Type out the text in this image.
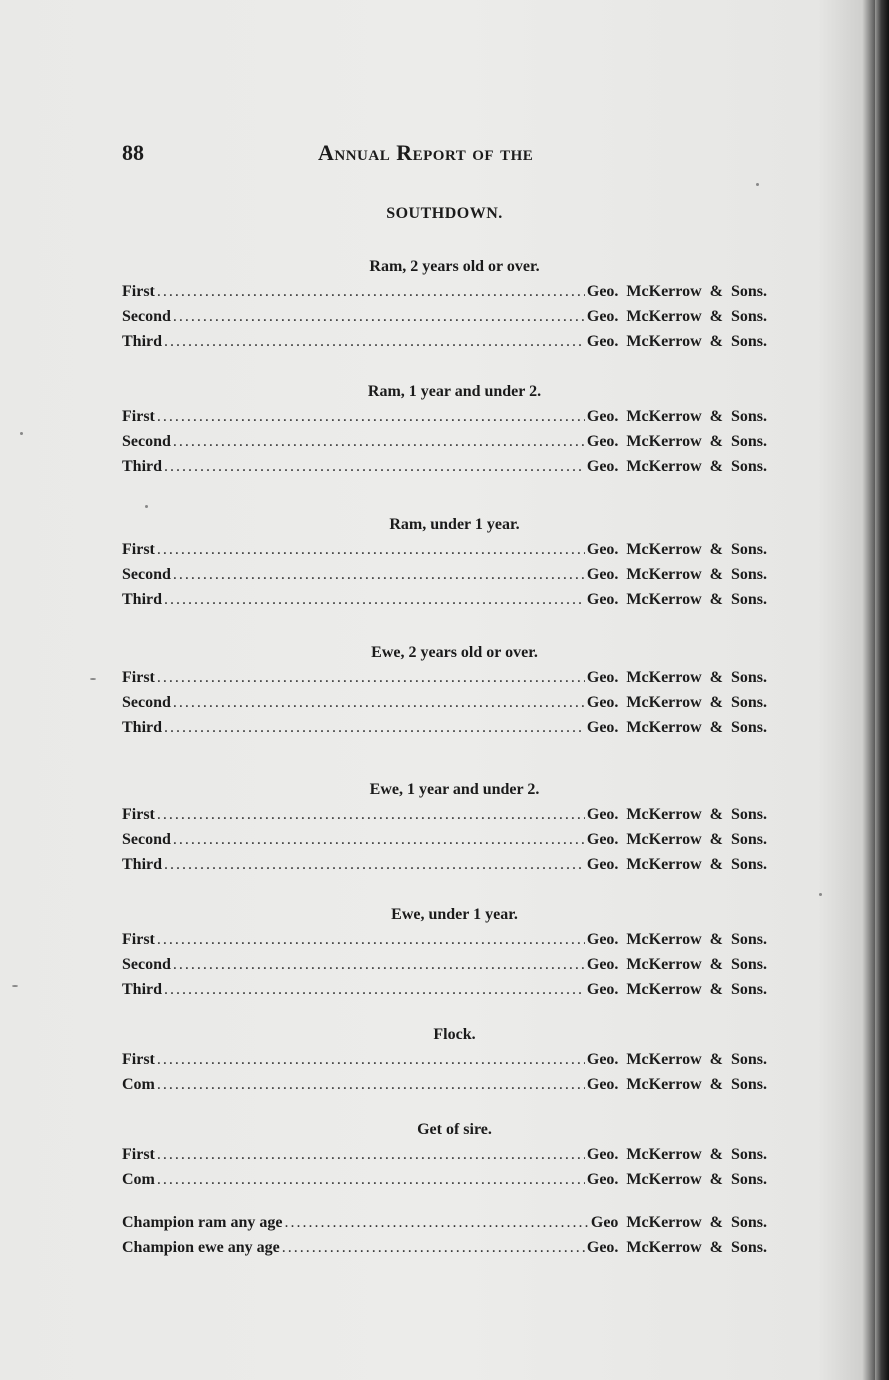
88	Annual Report of the
SOUTHDOWN.
Ram, 2 years old or over.
First .....	Geo. McKerrow & Sons.
Second .....	Geo. McKerrow & Sons.
Third .....	Geo. McKerrow & Sons.
Ram, 1 year and under 2.
First .....	Geo. McKerrow & Sons.
Second .....	Geo. McKerrow & Sons.
Third .....	Geo. McKerrow & Sons.
Ram, under 1 year.
First .....	Geo. McKerrow & Sons.
Second .....	Geo. McKerrow & Sons.
Third .....	Geo. McKerrow & Sons.
Ewe, 2 years old or over.
First .....	Geo. McKerrow & Sons.
Second .....	Geo. McKerrow & Sons.
Third .....	Geo. McKerrow & Sons.
Ewe, 1 year and under 2.
First .....	Geo. McKerrow & Sons.
Second .....	Geo. McKerrow & Sons.
Third .....	Geo. McKerrow & Sons.
Ewe, under 1 year.
First .....	Geo. McKerrow & Sons.
Second .....	Geo. McKerrow & Sons.
Third .....	Geo. McKerrow & Sons.
Flock.
First .....	Geo. McKerrow & Sons.
Com .....	Geo. McKerrow & Sons.
Get of sire.
First .....	Geo. McKerrow & Sons.
Com .....	Geo. McKerrow & Sons.
Champion ram any age .....	Geo McKerrow & Sons.
Champion ewe any age .....	Geo. McKerrow & Sons.
